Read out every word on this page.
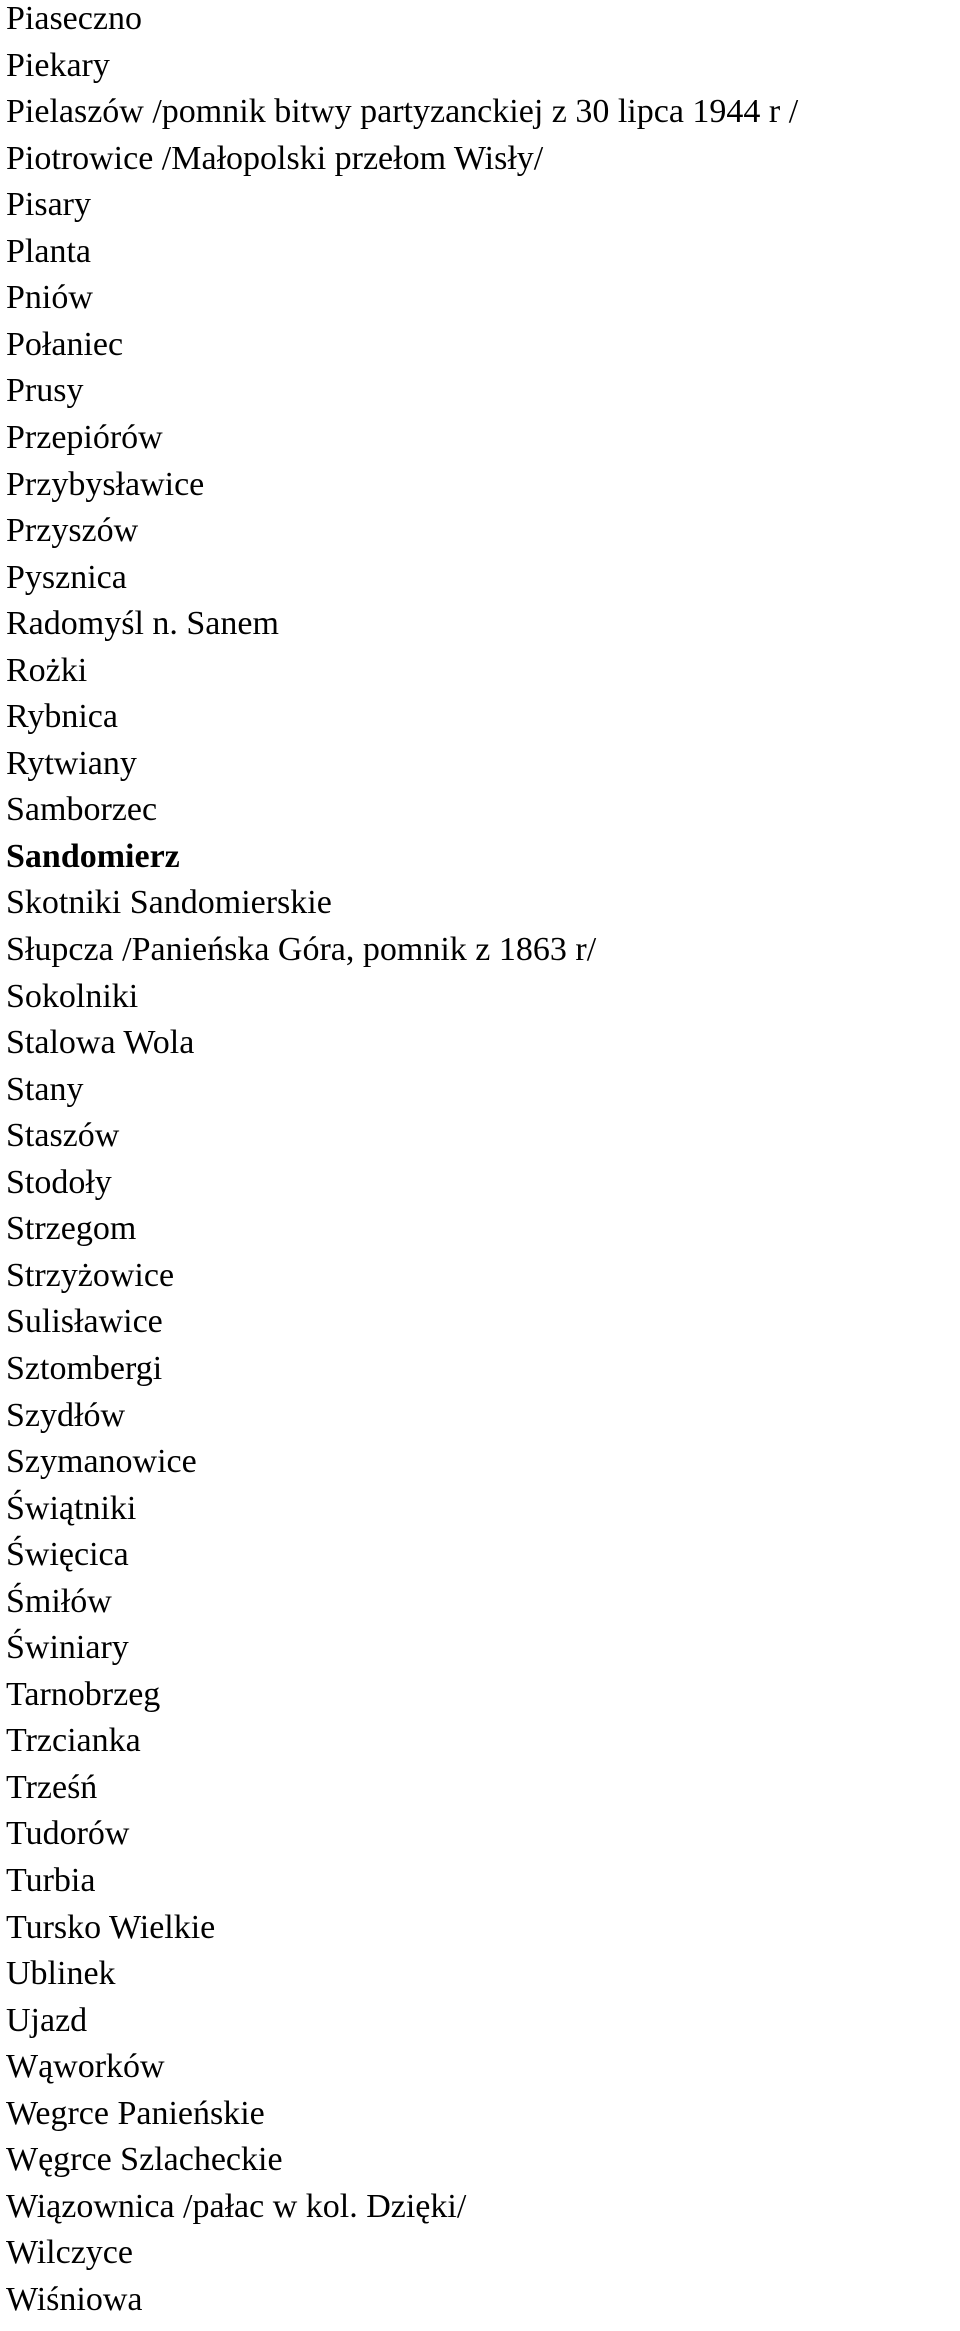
Piaseczno
Piekary
Pielaszów /pomnik bitwy partyzanckiej z 30 lipca 1944 r /
Piotrowice /Małopolski przełom Wisły/
Pisary
Planta
Pniów
Połaniec
Prusy
Przepiórów
Przybysławice
Przyszów
Pysznica
Radomyśl n. Sanem
Rożki
Rybnica
Rytwiany
Samborzec
Sandomierz
Skotniki Sandomierskie
Słupcza /Panieńska Góra, pomnik z 1863 r/
Sokolniki
Stalowa Wola
Stany
Staszów
Stodoły
Strzegom
Strzyżowice
Sulisławice
Sztombergi
Szydłów
Szymanowice
Świątniki
Święcica
Śmiłów
Świniary
Tarnobrzeg
Trzcianka
Trześń
Tudorów
Turbia
Tursko Wielkie
Ublinek
Ujazd
Wąworków
Wegrce Panieńskie
Węgrce Szlacheckie
Wiązownica /pałac w kol. Dzięki/
Wilczyce
Wiśniowa
